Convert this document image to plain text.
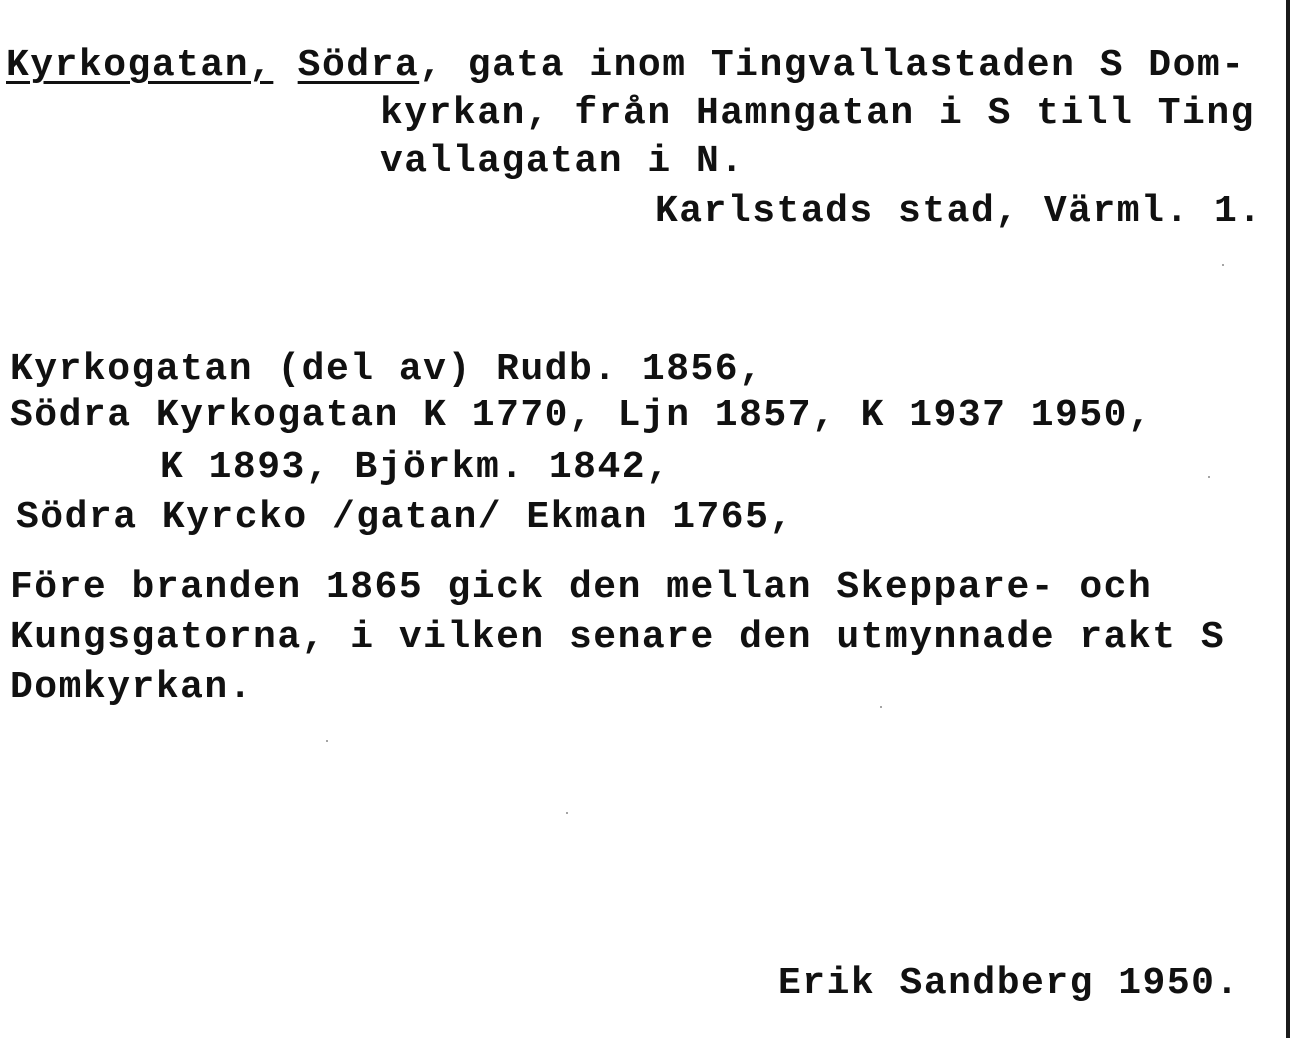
Kyrkogatan, Södra, gata inom Tingvallastaden S Dom-
kyrkan, från Hamngatan i S till Ting
vallagatan i N.
Karlstads stad, Värml. 1.
Kyrkogatan (del av) Rudb. 1856,
Södra Kyrkogatan K 1770, Ljn 1857, K 1937 1950,
K 1893, Björkm. 1842,
Södra Kyrcko /gatan/ Ekman 1765,
Före branden 1865 gick den mellan Skeppare- och
Kungsgatorna, i vilken senare den utmynnade rakt S
Domkyrkan.
Erik Sandberg 1950.
